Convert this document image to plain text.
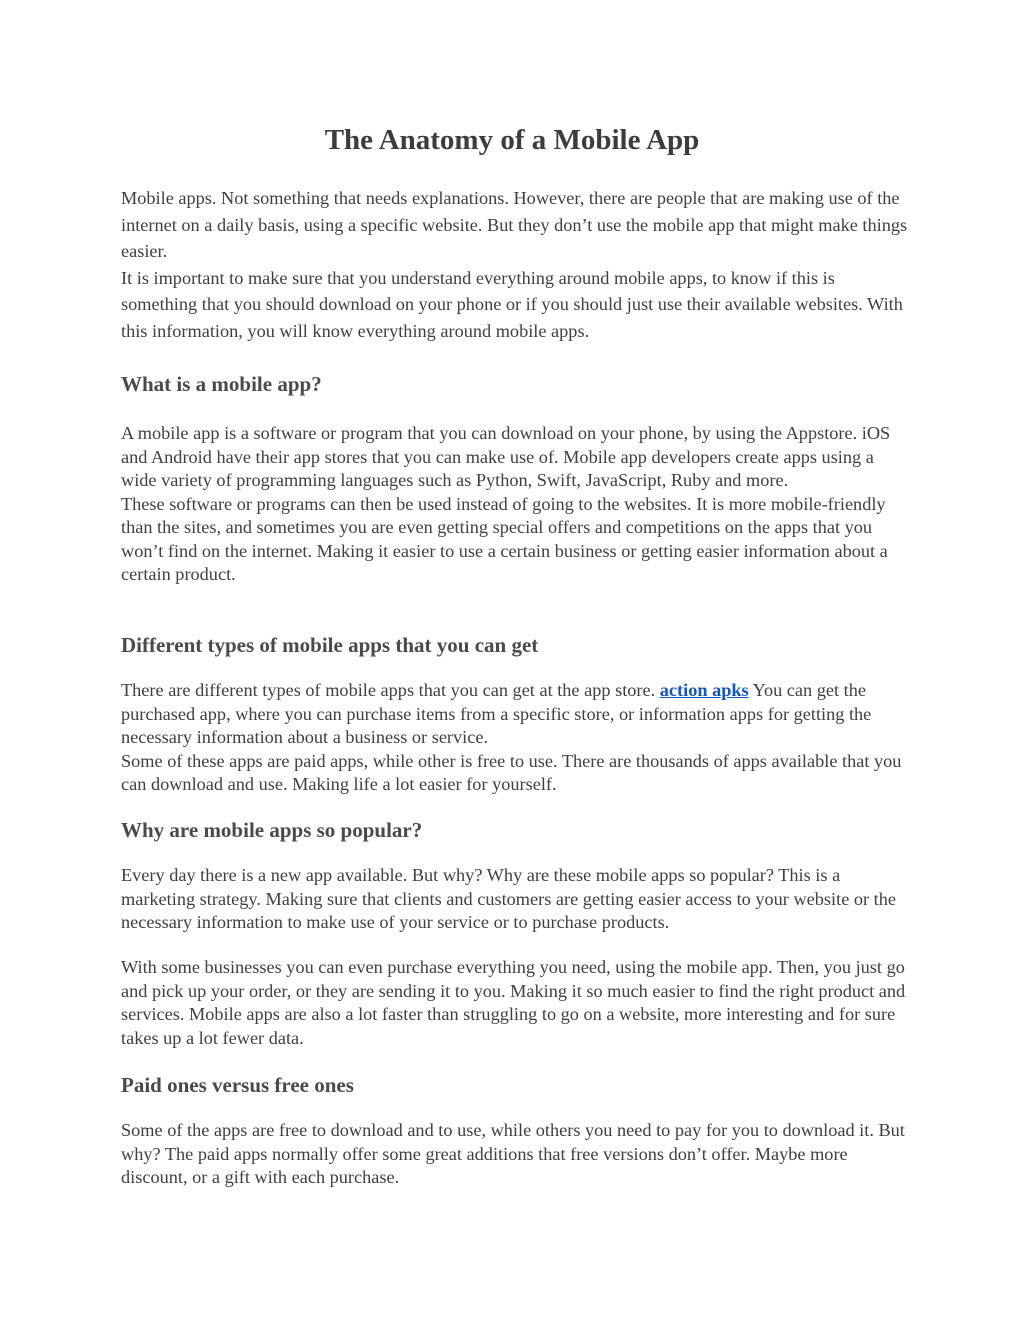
The Anatomy of a Mobile App
Mobile apps. Not something that needs explanations. However, there are people that are making use of the internet on a daily basis, using a specific website. But they don’t use the mobile app that might make things easier.
It is important to make sure that you understand everything around mobile apps, to know if this is something that you should download on your phone or if you should just use their available websites. With this information, you will know everything around mobile apps.
What is a mobile app?
A mobile app is a software or program that you can download on your phone, by using the Appstore. iOS and Android have their app stores that you can make use of. Mobile app developers create apps using a wide variety of programming languages such as Python, Swift, JavaScript, Ruby and more.
These software or programs can then be used instead of going to the websites. It is more mobile-friendly than the sites, and sometimes you are even getting special offers and competitions on the apps that you won’t find on the internet. Making it easier to use a certain business or getting easier information about a certain product.
Different types of mobile apps that you can get
There are different types of mobile apps that you can get at the app store. action apks You can get the purchased app, where you can purchase items from a specific store, or information apps for getting the necessary information about a business or service.
Some of these apps are paid apps, while other is free to use. There are thousands of apps available that you can download and use. Making life a lot easier for yourself.
Why are mobile apps so popular?
Every day there is a new app available. But why? Why are these mobile apps so popular? This is a marketing strategy. Making sure that clients and customers are getting easier access to your website or the necessary information to make use of your service or to purchase products.
With some businesses you can even purchase everything you need, using the mobile app. Then, you just go and pick up your order, or they are sending it to you. Making it so much easier to find the right product and services. Mobile apps are also a lot faster than struggling to go on a website, more interesting and for sure takes up a lot fewer data.
Paid ones versus free ones
Some of the apps are free to download and to use, while others you need to pay for you to download it. But why? The paid apps normally offer some great additions that free versions don’t offer. Maybe more discount, or a gift with each purchase.
